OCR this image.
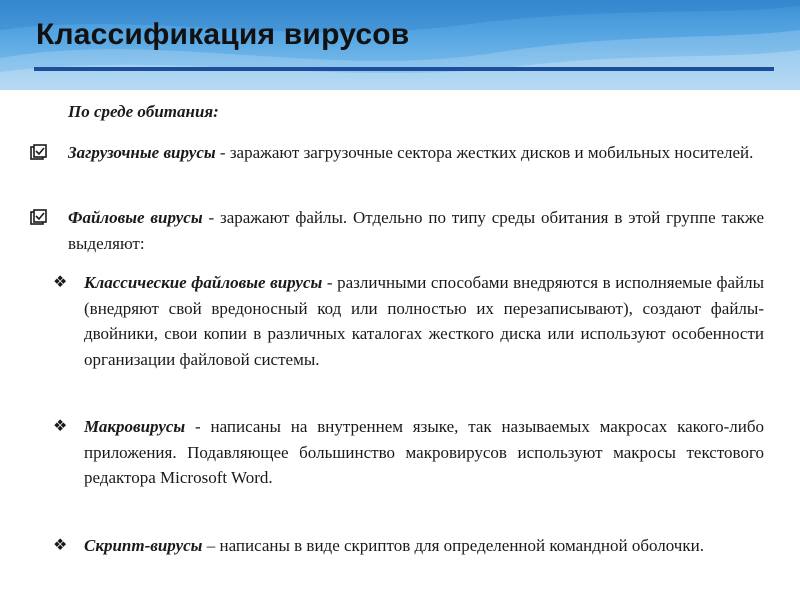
Классификация вирусов
По среде обитания:
Загрузочные вирусы - заражают загрузочные сектора жестких дисков и мобильных носителей.
Файловые вирусы - заражают файлы. Отдельно по типу среды обитания в этой группе также выделяют:
❖ Классические файловые вирусы - различными способами внедряются в исполняемые файлы (внедряют свой вредоносный код или полностью их перезаписывают), создают файлы-двойники, свои копии в различных каталогах жесткого диска или используют особенности организации файловой системы.
❖ Макровирусы - написаны на внутреннем языке, так называемых макросах какого-либо приложения. Подавляющее большинство макровирусов используют макросы текстового редактора Microsoft Word.
❖ Скрипт-вирусы – написаны в виде скриптов для определенной командной оболочки.
